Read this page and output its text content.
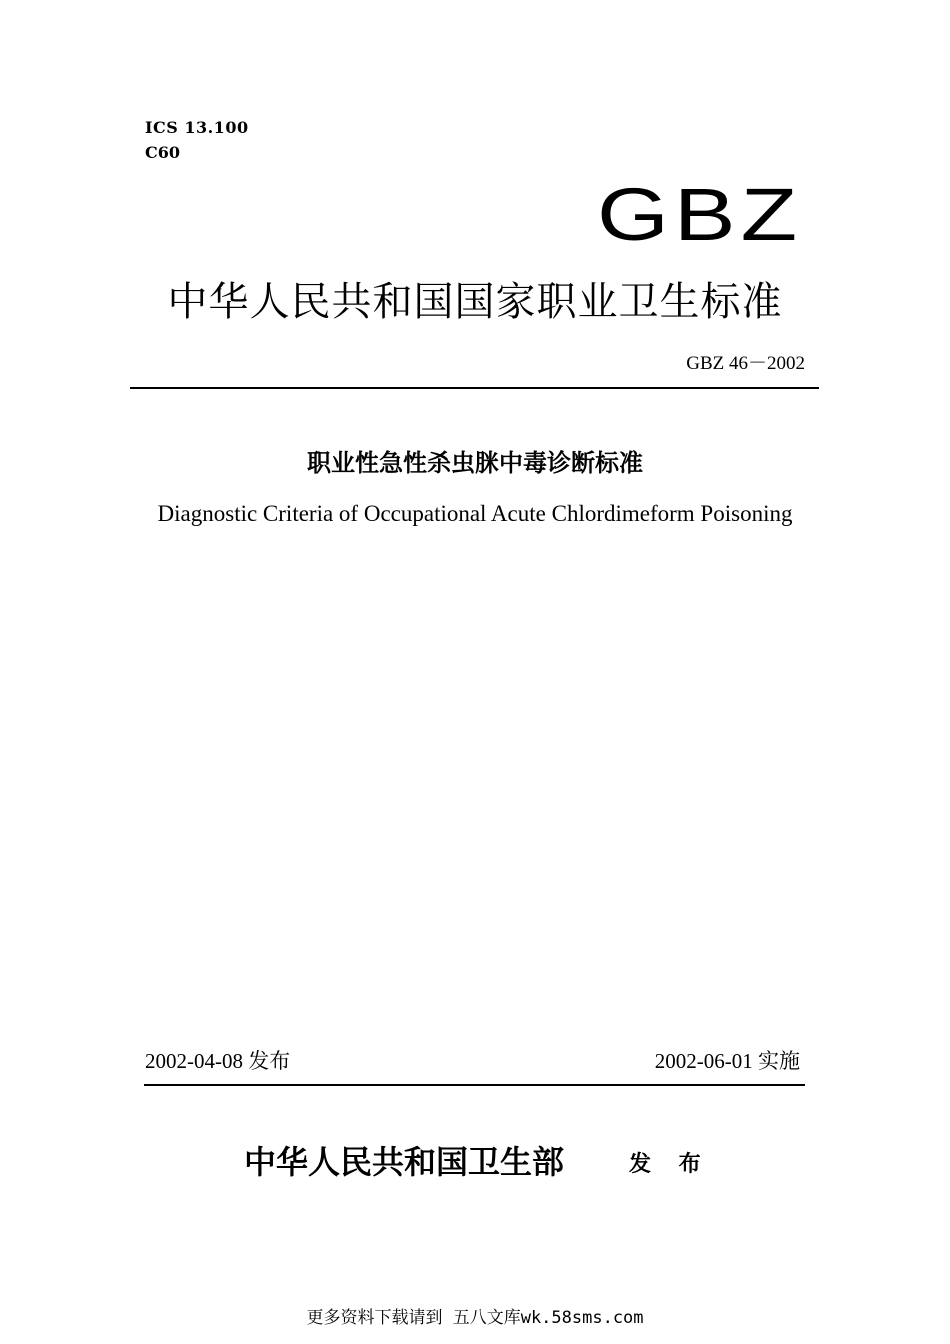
ICS 13.100
C60
GBZ
中华人民共和国国家职业卫生标准
GBZ 46－2002
职业性急性杀虫脒中毒诊断标准
Diagnostic Criteria of Occupational Acute Chlordimeform Poisoning
2002-04-08 发布	2002-06-01 实施
中华人民共和国卫生部	发 布
更多资料下载请到 五八文库wk.58sms.com
